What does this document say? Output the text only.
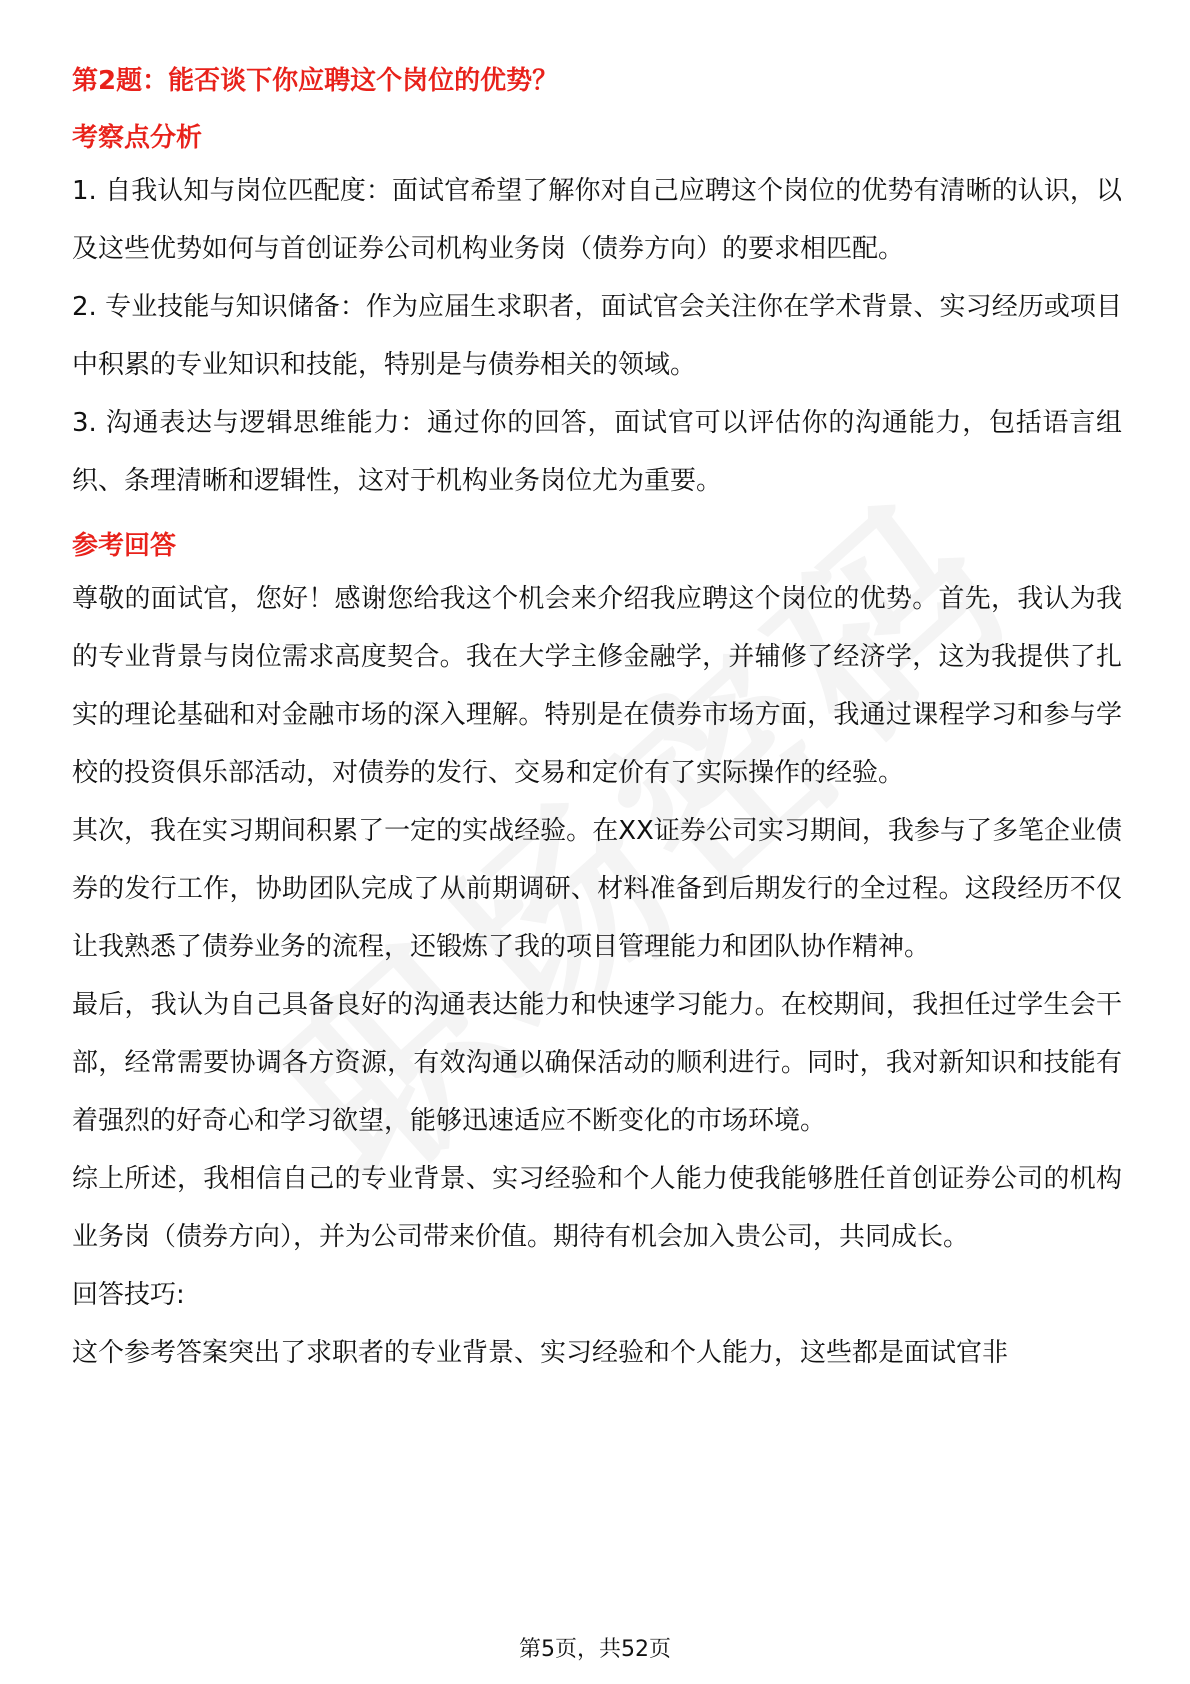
第2题：能否谈下你应聘这个岗位的优势？

考察点分析

1. 自我认知与岗位匹配度：面试官希望了解你对自己应聘这个岗位的优势有清晰的认识，以及这些优势如何与首创证券公司机构业务岗（债券方向）的要求相匹配。

2. 专业技能与知识储备：作为应届生求职者，面试官会关注你在学术背景、实习经历或项目中积累的专业知识和技能，特别是与债券相关的领域。

3. 沟通表达与逻辑思维能力：通过你的回答，面试官可以评估你的沟通能力，包括语言组织、条理清晰和逻辑性，这对于机构业务岗位尤为重要。

参考回答

尊敬的面试官，您好！感谢您给我这个机会来介绍我应聘这个岗位的优势。首先，我认为我的专业背景与岗位需求高度契合。我在大学主修金融学，并辅修了经济学，这为我提供了扎实的理论基础和对金融市场的深入理解。特别是在债券市场方面，我通过课程学习和参与学校的投资俱乐部活动，对债券的发行、交易和定价有了实际操作的经验。

其次，我在实习期间积累了一定的实战经验。在XX证券公司实习期间，我参与了多笔企业债券的发行工作，协助团队完成了从前期调研、材料准备到后期发行的全过程。这段经历不仅让我熟悉了债券业务的流程，还锻炼了我的项目管理能力和团队协作精神。

最后，我认为自己具备良好的沟通表达能力和快速学习能力。在校期间，我担任过学生会干部，经常需要协调各方资源，有效沟通以确保活动的顺利进行。同时，我对新知识和技能有着强烈的好奇心和学习欲望，能够迅速适应不断变化的市场环境。

综上所述，我相信自己的专业背景、实习经验和个人能力使我能够胜任首创证券公司的机构业务岗（债券方向），并为公司带来价值。期待有机会加入贵公司，共同成长。

回答技巧:

这个参考答案突出了求职者的专业背景、实习经验和个人能力，这些都是面试官非

第5页，共52页
